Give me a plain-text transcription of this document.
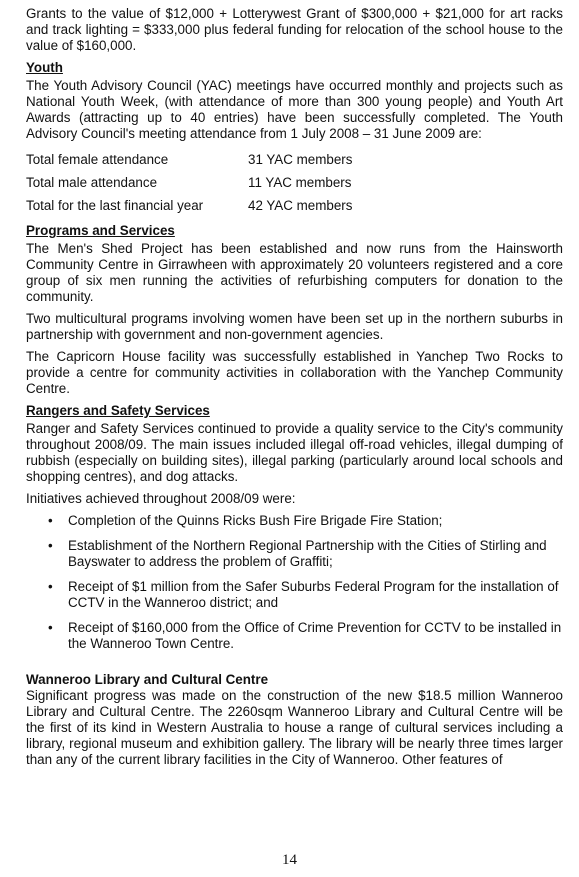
Grants to the value of $12,000 + Lotterywest Grant of $300,000 + $21,000 for art racks and track lighting = $333,000 plus federal funding for relocation of the school house to the value of $160,000.

Youth

The Youth Advisory Council (YAC) meetings have occurred monthly and projects such as National Youth Week, (with attendance of more than 300 young people) and Youth Art Awards (attracting up to 40 entries) have been successfully completed. The Youth Advisory Council's meeting attendance from 1 July 2008 – 31 June 2009 are:

Total female attendance	31 YAC members
Total male attendance	11 YAC members
Total for the last financial year	42 YAC members
Programs and Services

The Men's Shed Project has been established and now runs from the Hainsworth Community Centre in Girrawheen with approximately 20 volunteers registered and a core group of six men running the activities of refurbishing computers for donation to the community.

Two multicultural programs involving women have been set up in the northern suburbs in partnership with government and non-government agencies.

The Capricorn House facility was successfully established in Yanchep Two Rocks to provide a centre for community activities in collaboration with the Yanchep Community Centre.

Rangers and Safety Services

Ranger and Safety Services continued to provide a quality service to the City's community throughout 2008/09. The main issues included illegal off-road vehicles, illegal dumping of rubbish (especially on building sites), illegal parking (particularly around local schools and shopping centres), and dog attacks.

Initiatives achieved throughout 2008/09 were:

• Completion of the Quinns Ricks Bush Fire Brigade Fire Station;
• Establishment of the Northern Regional Partnership with the Cities of Stirling and Bayswater to address the problem of Graffiti;
• Receipt of $1 million from the Safer Suburbs Federal Program for the installation of CCTV in the Wanneroo district; and
• Receipt of $160,000 from the Office of Crime Prevention for CCTV to be installed in the Wanneroo Town Centre.
Wanneroo Library and Cultural Centre

Significant progress was made on the construction of the new $18.5 million Wanneroo Library and Cultural Centre. The 2260sqm Wanneroo Library and Cultural Centre will be the first of its kind in Western Australia to house a range of cultural services including a library, regional museum and exhibition gallery. The library will be nearly three times larger than any of the current library facilities in the City of Wanneroo. Other features of

14
